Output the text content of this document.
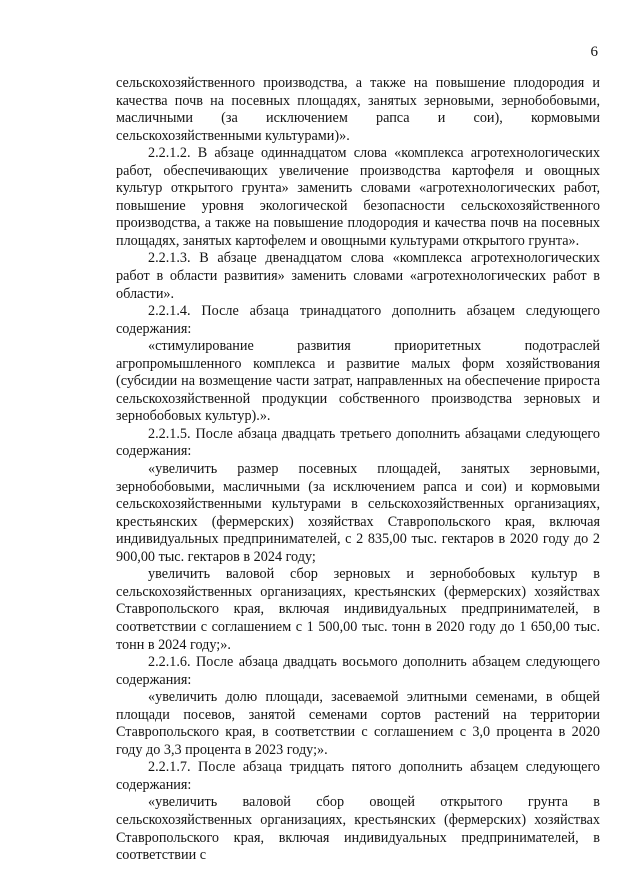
6

сельскохозяйственного производства, а также на повышение плодородия и качества почв на посевных площадях, занятых зерновыми, зернобобовыми, масличными (за исключением рапса и сои), кормовыми сельскохозяйственными культурами)».

2.2.1.2. В абзаце одиннадцатом слова «комплекса агротехнологических работ, обеспечивающих увеличение производства картофеля и овощных культур открытого грунта» заменить словами «агротехнологических работ, повышение уровня экологической безопасности сельскохозяйственного производства, а также на повышение плодородия и качества почв на посевных площадях, занятых картофелем и овощными культурами открытого грунта».

2.2.1.3. В абзаце двенадцатом слова «комплекса агротехнологических работ в области развития» заменить словами «агротехнологических работ в области».

2.2.1.4. После абзаца тринадцатого дополнить абзацем следующего содержания:

«стимулирование развития приоритетных подотраслей агропромышленного комплекса и развитие малых форм хозяйствования (субсидии на возмещение части затрат, направленных на обеспечение прироста сельскохозяйственной продукции собственного производства зерновых и зернобобовых культур).».

2.2.1.5. После абзаца двадцать третьего дополнить абзацами следующего содержания:

«увеличить размер посевных площадей, занятых зерновыми, зернобобовыми, масличными (за исключением рапса и сои) и кормовыми сельскохозяйственными культурами в сельскохозяйственных организациях, крестьянских (фермерских) хозяйствах Ставропольского края, включая индивидуальных предпринимателей, с 2 835,00 тыс. гектаров в 2020 году до 2 900,00 тыс. гектаров в 2024 году;

увеличить валовой сбор зерновых и зернобобовых культур в сельскохозяйственных организациях, крестьянских (фермерских) хозяйствах Ставропольского края, включая индивидуальных предпринимателей, в соответствии с соглашением с 1 500,00 тыс. тонн в 2020 году до 1 650,00 тыс. тонн в 2024 году;».

2.2.1.6. После абзаца двадцать восьмого дополнить абзацем следующего содержания:

«увеличить долю площади, засеваемой элитными семенами, в общей площади посевов, занятой семенами сортов растений на территории Ставропольского края, в соответствии с соглашением с 3,0 процента в 2020 году до 3,3 процента в 2023 году;».

2.2.1.7. После абзаца тридцать пятого дополнить абзацем следующего содержания:

«увеличить валовой сбор овощей открытого грунта в сельскохозяйственных организациях, крестьянских (фермерских) хозяйствах Ставропольского края, включая индивидуальных предпринимателей, в соответствии с
